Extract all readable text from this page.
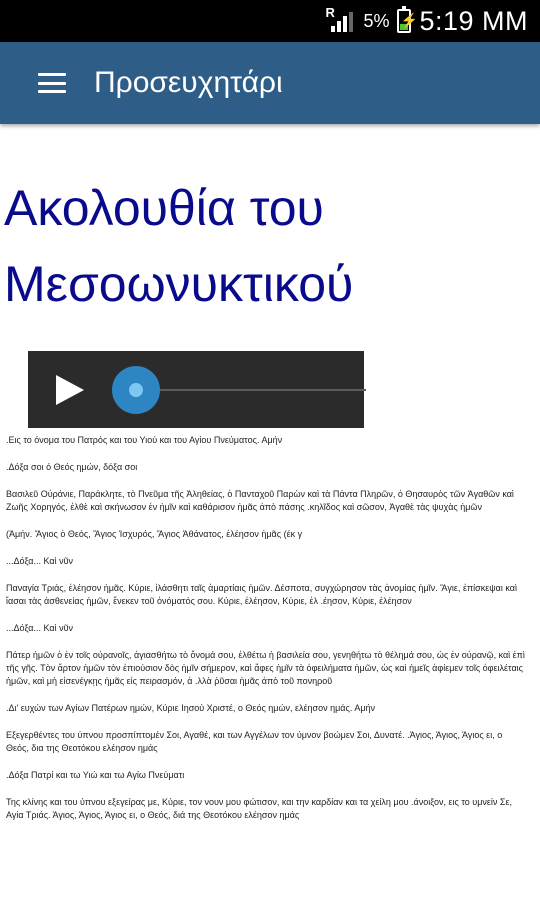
R 5% ⚡ 5:19 MM
Προσευχητάρι
Ακολουθία του Μεσοωνυκτικού

.Εις το όνομα του Πατρός και του Υιού και του Αγίου Πνεύματος. Αμήν

.Δόξα σοι ό Θεός ημών, δόξα σοι

Βασιλεῦ Οὐράνιε, Παράκλητε, τὸ Πνεῦμα τῆς Ἀληθείας, ὁ Πανταχοῦ Παρὼν καὶ τὰ Πάντα Πληρῶν, ὁ Θησαυρὸς τῶν Ἀγαθῶν καὶ Ζωῆς Χορηγός, ἐλθὲ καὶ σκήνωσον ἐν ἡμῖν καὶ καθάρισον ἡμᾶς ἀπὸ πάσης .κηλῖδος καὶ σῶσον, Ἀγαθὲ τὰς ψυχὰς ἡμῶν

(Ἀμήν. Ἅγιος ὁ Θεός, Ἅγιος Ἰσχυρός, Ἅγιος Ἀθάνατος, ἐλέησον ἡμᾶς (έκ γ

...Δόξα... Καὶ νῦν

Παναγία Τριάς, ἐλέησον ἡμᾶς. Κύριε, ἱλάσθητι ταῖς ἁμαρτίαις ἡμῶν. Δέσποτα, συγχώρησον τὰς ἀνομίας ἡμῖν. Ἅγιε, ἐπίσκεψαι καὶ ἴασαι τὰς ἀσθενείας ἡμῶν, ἕνεκεν τοῦ ὀνόματός σου. Κύριε, ἐλέησον, Κύριε, ἐλ .έησον, Κύριε, ἐλέησον

...Δόξα... Καὶ νῦν

Πάτερ ἡμῶν ὁ ἐν τοῖς οὐρανοῖς, ἁγιασθήτω τὸ ὄνομά σου, ἐλθέτω ἡ βασιλεία σου, γενηθήτω τὸ θέλημά σου, ὡς ἐν οὐρανῷ, καὶ ἐπὶ τῆς γῆς. Τὸν ἄρτον ἡμῶν τὸν ἐπιούσιον δὸς ἡμῖν σήμερον, καὶ ἄφες ἡμῖν τὰ ὀφειλήματα ἡμῶν, ὡς καὶ ἡμεῖς ἀφίεμεν τοῖς ὀφειλέταις ἡμῶν, καὶ μὴ εἰσενέγκῃς ἡμᾶς εἰς πειρασμόν, ἀ .λλὰ ῥῦσαι ἡμᾶς ἀπὸ τοῦ πονηροῦ

.Δι' ευχών των Αγίων Πατέρων ημών, Κύριε Ιησού Χριστέ, ο Θεός ημών, ελέησον ημάς. Αμήν

Εξεγερθέντες του ύπνου προσπίπτομέν Σοι, Αγαθέ, και των Αγγέλων τον ύμνον βοώμεν Σοι, Δυνατέ. .Άγιος, Άγιος, Άγιος ει, ο Θεός, δια της Θεοτόκου ελέησον ημάς

.Δόξα Πατρί και τω Υιώ και τω Αγίω Πνεύματι

Της κλίνης και του ύπνου εξεγείρας με, Κύριε, τον νουν μου φώτισον, και την καρδίαν και τα χείλη μου .άνοιξον, εις το υμνείν Σε, Αγία Τριάς. Άγιος, Άγιος, Άγιος ει, ο Θεός, διά της Θεοτόκου ελέησον ημάς
